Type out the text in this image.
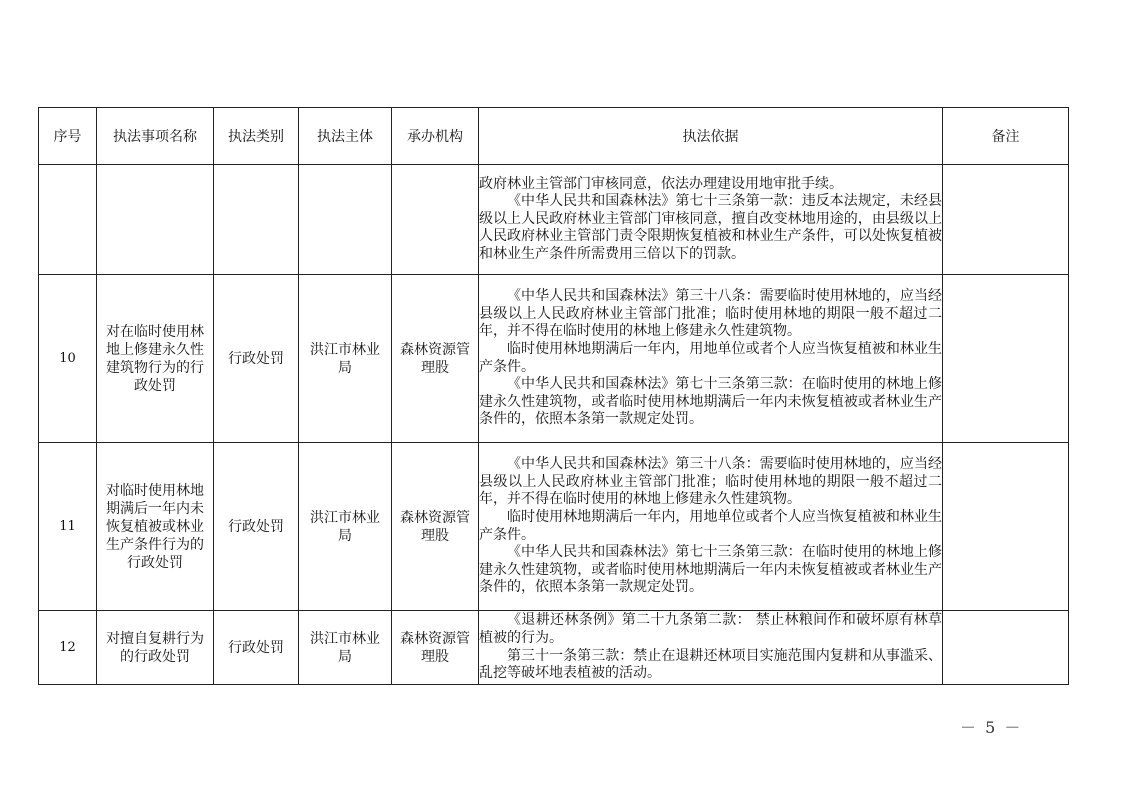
序号	执法事项名称	执法类别	执法主体	承办机构	执法依据	备注

					政府林业主管部门审核同意，依法办理建设用地审批手续。

《中华人民共和国森林法》第七十三条第一款：违反本法规定，未经县级以上人民政府林业主管部门审核同意，擅自改变林地用途的，由县级以上人民政府林业主管部门责令限期恢复植被和林业生产条件，可以处恢复植被和林业生产条件所需费用三倍以下的罚款。	

10	对在临时使用林地上修建永久性建筑物行为的行政处罚	行政处罚	洪江市林业局	森林资源管理股	《中华人民共和国森林法》第三十八条：需要临时使用林地的，应当经县级以上人民政府林业主管部门批准；临时使用林地的期限一般不超过二年，并不得在临时使用的林地上修建永久性建筑物。

临时使用林地期满后一年内，用地单位或者个人应当恢复植被和林业生产条件。

《中华人民共和国森林法》第七十三条第三款：在临时使用的林地上修建永久性建筑物，或者临时使用林地期满后一年内未恢复植被或者林业生产条件的，依照本条第一款规定处罚。	

11	对临时使用林地期满后一年内未恢复植被或林业生产条件行为的行政处罚	行政处罚	洪江市林业局	森林资源管理股	《中华人民共和国森林法》第三十八条：需要临时使用林地的，应当经县级以上人民政府林业主管部门批准；临时使用林地的期限一般不超过二年，并不得在临时使用的林地上修建永久性建筑物。

临时使用林地期满后一年内，用地单位或者个人应当恢复植被和林业生产条件。

《中华人民共和国森林法》第七十三条第三款：在临时使用的林地上修建永久性建筑物，或者临时使用林地期满后一年内未恢复植被或者林业生产条件的，依照本条第一款规定处罚。	

12	对擅自复耕行为的行政处罚	行政处罚	洪江市林业局	森林资源管理股	《退耕还林条例》第二十九条第二款： 禁止林粮间作和破坏原有林草植被的行为。

第三十一条第三款：禁止在退耕还林项目实施范围内复耕和从事滥采、乱挖等破坏地表植被的活动。	

－ 5 －
